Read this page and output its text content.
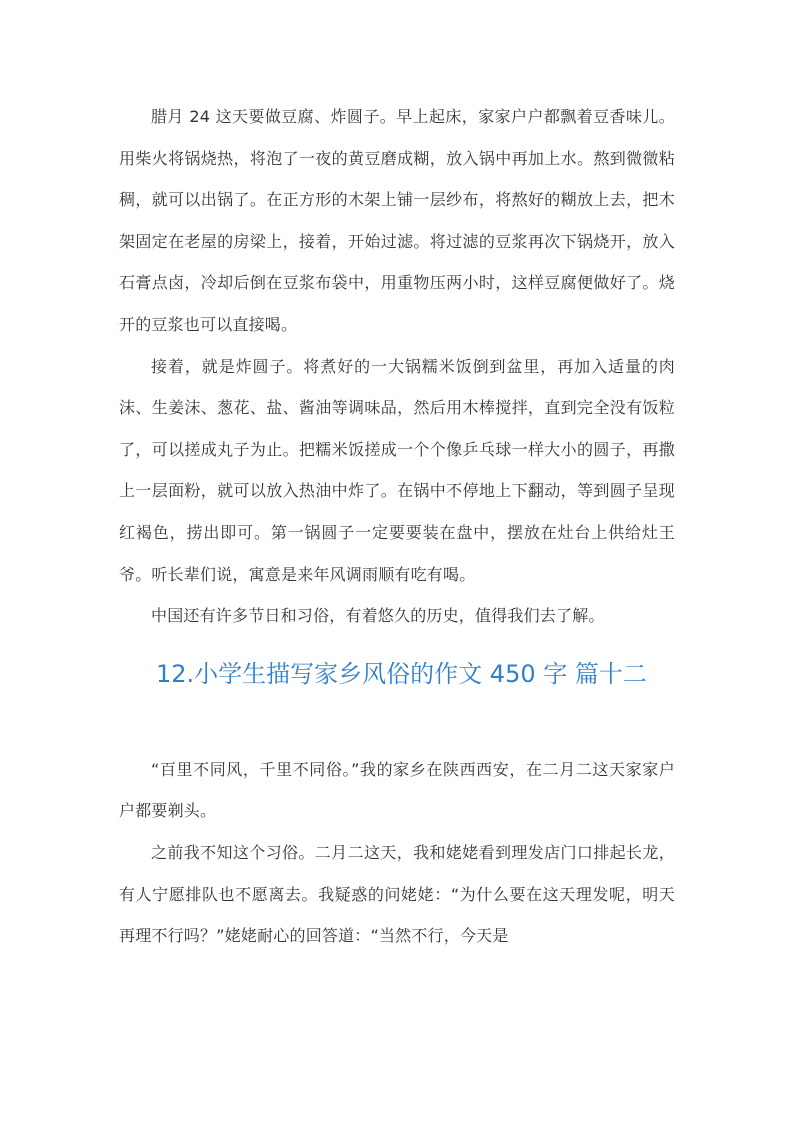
腊月 24 这天要做豆腐、炸圆子。早上起床，家家户户都飘着豆香味儿。用柴火将锅烧热，将泡了一夜的黄豆磨成糊，放入锅中再加上水。熬到微微粘稠，就可以出锅了。在正方形的木架上铺一层纱布，将熬好的糊放上去，把木架固定在老屋的房梁上，接着，开始过滤。将过滤的豆浆再次下锅烧开，放入石膏点卤，冷却后倒在豆浆布袋中，用重物压两小时，这样豆腐便做好了。烧开的豆浆也可以直接喝。

接着，就是炸圆子。将煮好的一大锅糯米饭倒到盆里，再加入适量的肉沫、生姜沫、葱花、盐、酱油等调味品，然后用木棒搅拌，直到完全没有饭粒了，可以搓成丸子为止。把糯米饭搓成一个个像乒乓球一样大小的圆子，再撒上一层面粉，就可以放入热油中炸了。在锅中不停地上下翻动，等到圆子呈现红褐色，捞出即可。第一锅圆子一定要要装在盘中，摆放在灶台上供给灶王爷。听长辈们说，寓意是来年风调雨顺有吃有喝。

中国还有许多节日和习俗，有着悠久的历史，值得我们去了解。

12.小学生描写家乡风俗的作文 450 字 篇十二

“百里不同风，千里不同俗。”我的家乡在陕西西安，在二月二这天家家户户都要剃头。

之前我不知这个习俗。二月二这天，我和姥姥看到理发店门口排起长龙，有人宁愿排队也不愿离去。我疑惑的问姥姥：“为什么要在这天理发呢，明天再理不行吗？”姥姥耐心的回答道：“当然不行，今天是
